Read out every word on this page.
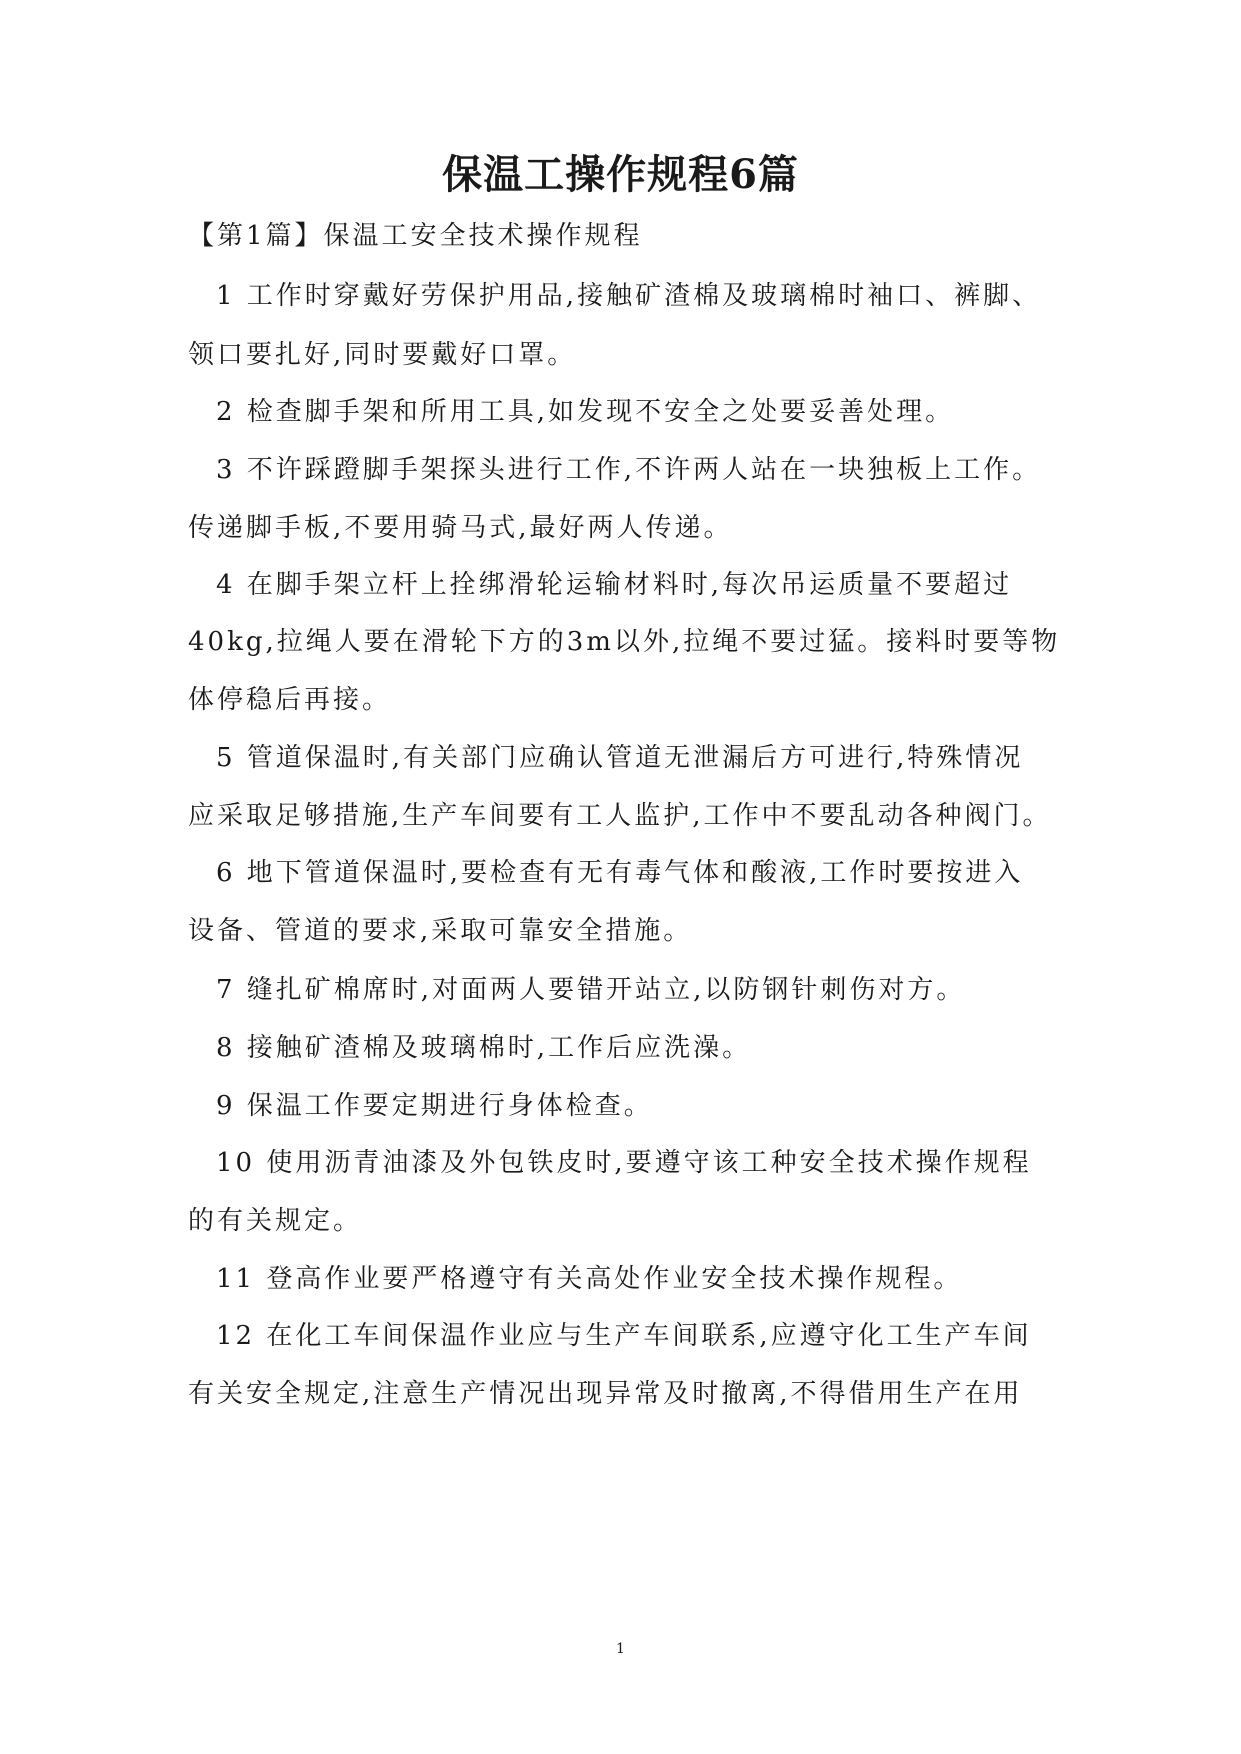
保温工操作规程6篇
【第1篇】保温工安全技术操作规程
1 工作时穿戴好劳保护用品,接触矿渣棉及玻璃棉时袖口、裤脚、
领口要扎好,同时要戴好口罩。
2 检查脚手架和所用工具,如发现不安全之处要妥善处理。
3 不许踩蹬脚手架探头进行工作,不许两人站在一块独板上工作。
传递脚手板,不要用骑马式,最好两人传递。
4 在脚手架立杆上拴绑滑轮运输材料时,每次吊运质量不要超过
40kg,拉绳人要在滑轮下方的3m以外,拉绳不要过猛。接料时要等物
体停稳后再接。
5 管道保温时,有关部门应确认管道无泄漏后方可进行,特殊情况
应采取足够措施,生产车间要有工人监护,工作中不要乱动各种阀门。
6 地下管道保温时,要检查有无有毒气体和酸液,工作时要按进入
设备、管道的要求,采取可靠安全措施。
7 缝扎矿棉席时,对面两人要错开站立,以防钢针刺伤对方。
8 接触矿渣棉及玻璃棉时,工作后应洗澡。
9 保温工作要定期进行身体检查。
10 使用沥青油漆及外包铁皮时,要遵守该工种安全技术操作规程
的有关规定。
11 登高作业要严格遵守有关高处作业安全技术操作规程。
12 在化工车间保温作业应与生产车间联系,应遵守化工生产车间
有关安全规定,注意生产情况出现异常及时撤离,不得借用生产在用
1
